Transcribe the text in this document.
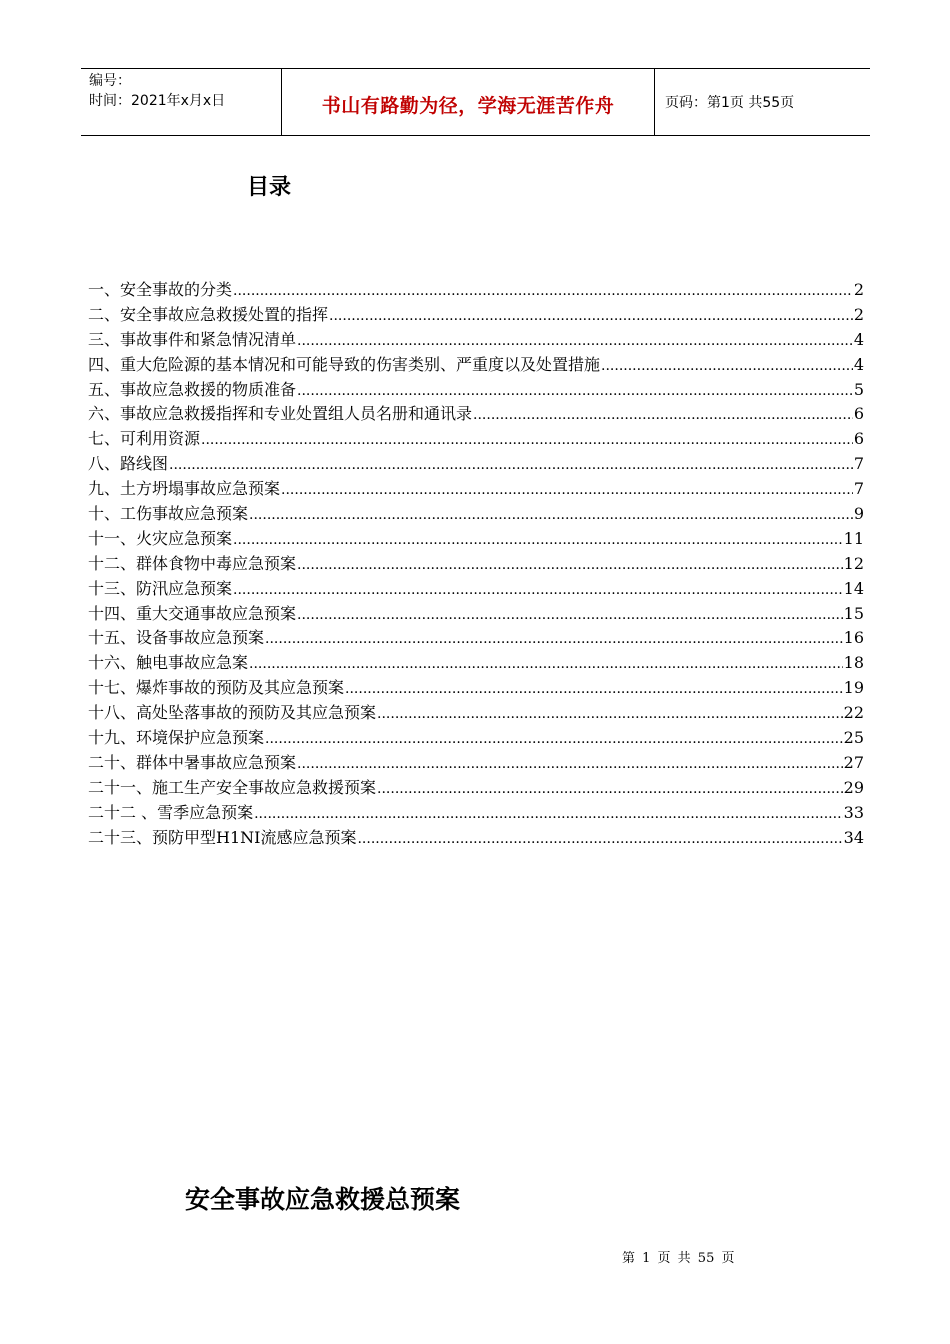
编号：
时间：2021年x月x日	书山有路勤为径，学海无涯苦作舟	页码：第1页 共55页
目录
一、安全事故的分类 .....	2
二、安全事故应急救援处置的指挥 .....	2
三、事故事件和紧急情况清单 .....	4
四、重大危险源的基本情况和可能导致的伤害类别、严重度以及处置措施 .....	4
五、事故应急救援的物质准备 .....	5
六、事故应急救援指挥和专业处置组人员名册和通讯录 .....	6
七、可利用资源 .....	6
八、路线图 .....	7
九、土方坍塌事故应急预案 .....	7
十、工伤事故应急预案 .....	9
十一、火灾应急预案 .....	11
十二、群体食物中毒应急预案 .....	12
十三、防汛应急预案 .....	14
十四、重大交通事故应急预案 .....	15
十五、设备事故应急预案 .....	16
十六、触电事故应急案 .....	18
十七、爆炸事故的预防及其应急预案 .....	19
十八、高处坠落事故的预防及其应急预案 .....	22
十九、环境保护应急预案 .....	25
二十、群体中暑事故应急预案 .....	27
二十一、施工生产安全事故应急救援预案 .....	29
二十二 、雪季应急预案 .....	33
二十三、预防甲型H1NI流感应急预案 .....	34
安全事故应急救援总预案
第 1 页 共 55 页
